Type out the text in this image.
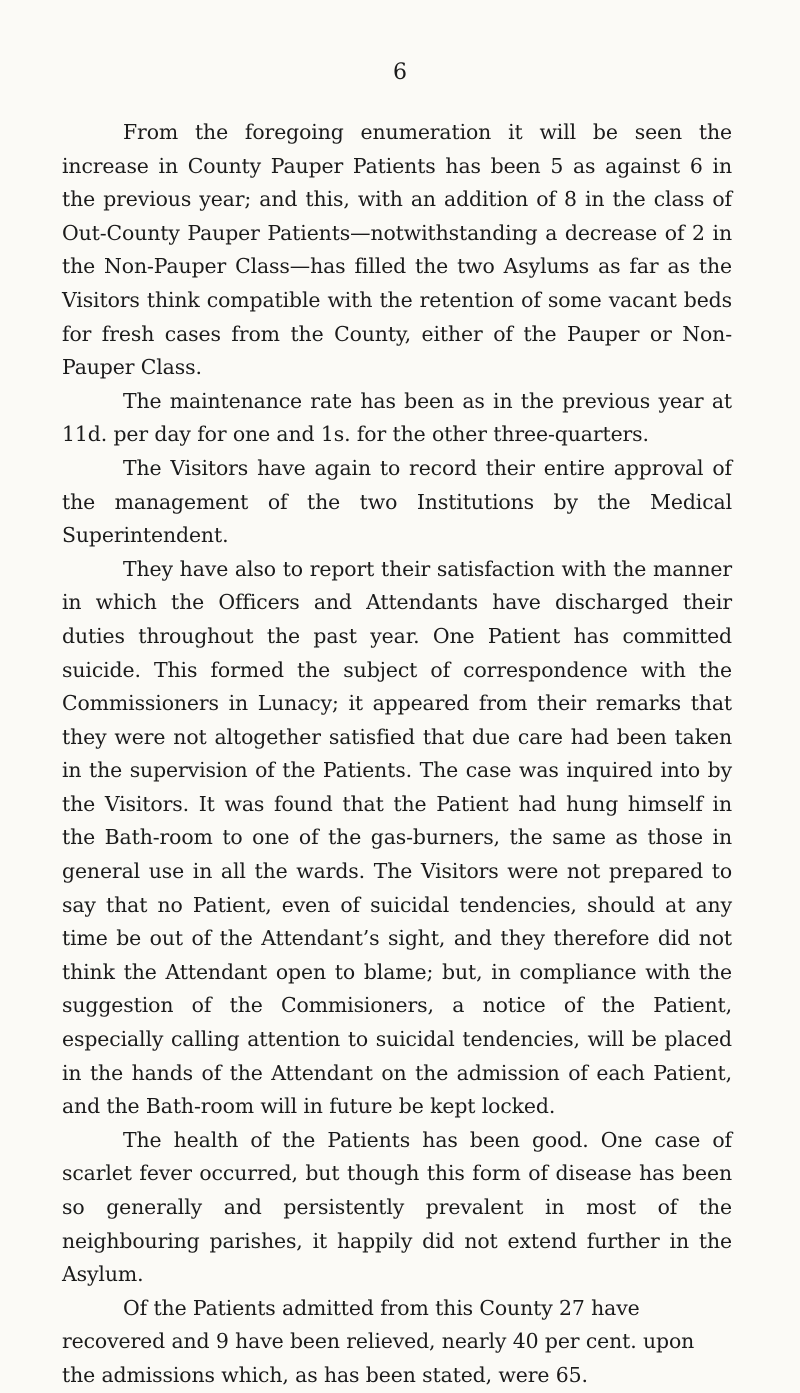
6

From the foregoing enumeration it will be seen the increase in County Pauper Patients has been 5 as against 6 in the previous year; and this, with an addition of 8 in the class of Out-County Pauper Patients—notwithstanding a decrease of 2 in the Non-Pauper Class—has filled the two Asylums as far as the Visitors think compatible with the retention of some vacant beds for fresh cases from the County, either of the Pauper or Non-Pauper Class.

The maintenance rate has been as in the previous year at 11d. per day for one and 1s. for the other three-quarters.

The Visitors have again to record their entire approval of the management of the two Institutions by the Medical Superintendent.

They have also to report their satisfaction with the manner in which the Officers and Attendants have discharged their duties throughout the past year. One Patient has committed suicide. This formed the subject of correspondence with the Commissioners in Lunacy; it appeared from their remarks that they were not altogether satisfied that due care had been taken in the supervision of the Patients. The case was inquired into by the Visitors. It was found that the Patient had hung himself in the Bath-room to one of the gas-burners, the same as those in general use in all the wards. The Visitors were not prepared to say that no Patient, even of suicidal tendencies, should at any time be out of the Attendant’s sight, and they therefore did not think the Attendant open to blame; but, in compliance with the suggestion of the Commisioners, a notice of the Patient, especially calling attention to suicidal tendencies, will be placed in the hands of the Attendant on the admission of each Patient, and the Bath-room will in future be kept locked.

The health of the Patients has been good. One case of scarlet fever occurred, but though this form of disease has been so generally and persistently prevalent in most of the neighbouring parishes, it happily did not extend further in the Asylum.

Of the Patients admitted from this County 27 have recovered and 9 have been relieved, nearly 40 per cent. upon the admissions which, as has been stated, were 65.
